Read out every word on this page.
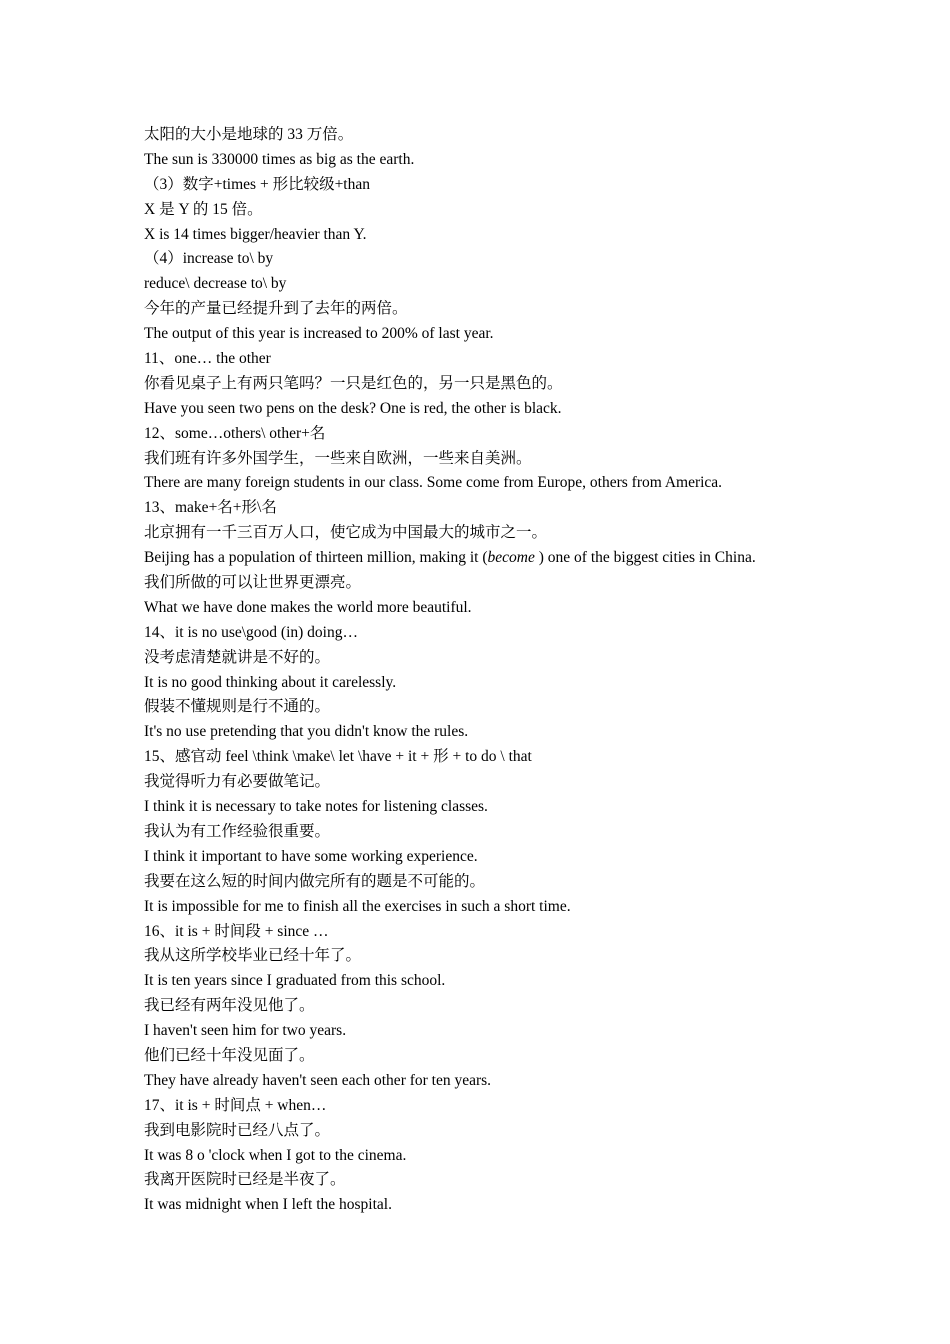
太阳的大小是地球的 33 万倍。
The sun is 330000 times as big as the earth.
（3）数字+times + 形比较级+than
X 是 Y 的 15 倍。
X is 14 times bigger/heavier than Y.
（4）increase to\ by
reduce\ decrease to\ by
今年的产量已经提升到了去年的两倍。
The output of this year is increased to 200% of last year.
11、one… the other
你看见桌子上有两只笔吗？一只是红色的，另一只是黑色的。
Have you seen two pens on the desk? One is red, the other is black.
12、some…others\ other+名
我们班有许多外国学生，一些来自欧洲，一些来自美洲。
There are many foreign students in our class. Some come from Europe, others from America.
13、make+名+形\名
北京拥有一千三百万人口，使它成为中国最大的城市之一。
Beijing has a population of thirteen million, making it (become ) one of the biggest cities in China.
我们所做的可以让世界更漂亮。
What we have done makes the world more beautiful.
14、it is no use\good (in) doing…
没考虑清楚就讲是不好的。
It is no good thinking about it carelessly.
假装不懂规则是行不通的。
It's no use pretending that you didn't know the rules.
15、感官动 feel \think \make\ let \have + it + 形 + to do \ that
我觉得听力有必要做笔记。
I think it is necessary to take notes for listening classes.
我认为有工作经验很重要。
I think it important to have some working experience.
我要在这么短的时间内做完所有的题是不可能的。
It is impossible for me to finish all the exercises in such a short time.
16、it is + 时间段 + since …
我从这所学校毕业已经十年了。
It is ten years since I graduated from this school.
我已经有两年没见他了。
I haven't seen him for two years.
他们已经十年没见面了。
They have already haven't seen each other for ten years.
17、it is + 时间点 + when…
我到电影院时已经八点了。
It was 8 o 'clock when I got to the cinema.
我离开医院时已经是半夜了。
It was midnight when I left the hospital.
